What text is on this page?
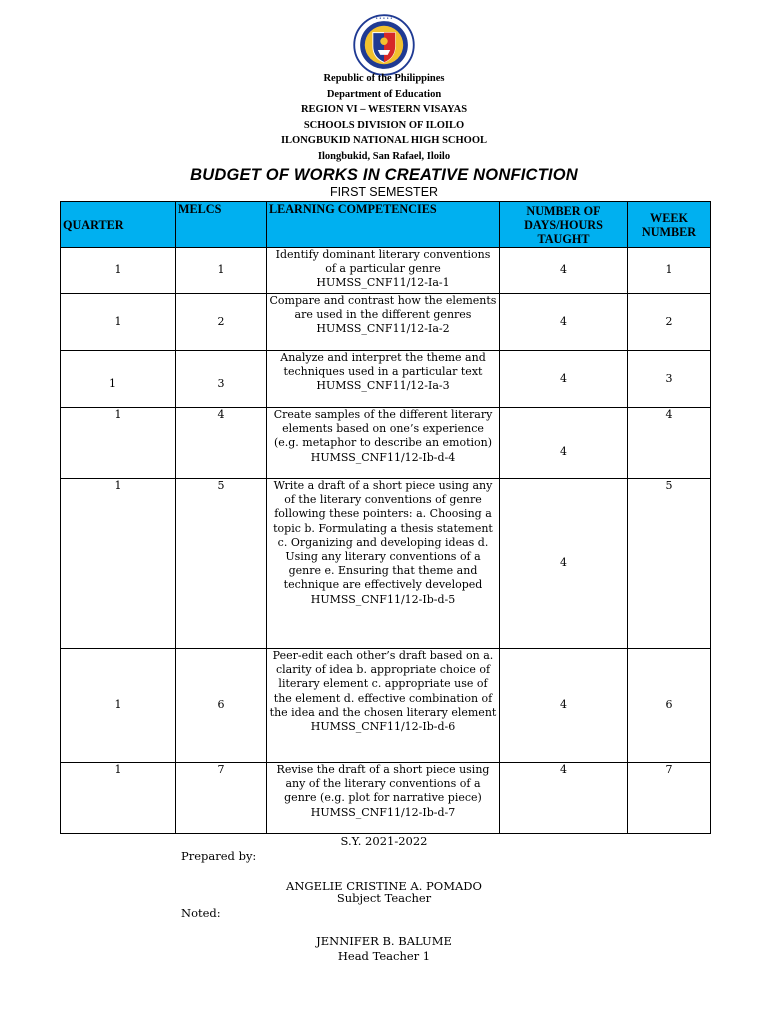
• • • • •
Republic of the Philippines
Department of Education
REGION VI – WESTERN VISAYAS
SCHOOLS DIVISION OF ILOILO
ILONGBUKID NATIONAL HIGH SCHOOL
Ilongbukid, San Rafael, Iloilo
BUDGET OF WORKS IN CREATIVE NONFICTION
FIRST SEMESTER
QUARTER	MELCS	LEARNING COMPETENCIES	NUMBER OF DAYS/HOURS TAUGHT	WEEK NUMBER
1	1	Identify dominant literary conventions of a particular genre HUMSS_CNF11/12-Ia-1	4	1
1	2	Compare and contrast how the elements are used in the different genres HUMSS_CNF11/12-Ia-2	4	2
1	3	Analyze and interpret the theme and techniques used in a particular text HUMSS_CNF11/12-Ia-3	4	3
1	4	Create samples of the different literary elements based on one’s experience (e.g. metaphor to describe an emotion) HUMSS_CNF11/12-Ib-d-4	4	4
1	5	Write a draft of a short piece using any of the literary conventions of genre following these pointers: a. Choosing a topic b. Formulating a thesis statement c. Organizing and developing ideas d. Using any literary conventions of a genre e. Ensuring that theme and technique are effectively developed HUMSS_CNF11/12-Ib-d-5	4	5
1	6	Peer-edit each other’s draft based on a. clarity of idea b. appropriate choice of literary element c. appropriate use of the element d. effective combination of the idea and the chosen literary element HUMSS_CNF11/12-Ib-d-6	4	6
1	7	Revise the draft of a short piece using any of the literary conventions of a genre (e.g. plot for narrative piece) HUMSS_CNF11/12-Ib-d-7	4	7
S.Y. 2021-2022
Prepared by:
ANGELIE CRISTINE A. POMADO
Subject Teacher
Noted:
JENNIFER B. BALUME
Head Teacher 1
